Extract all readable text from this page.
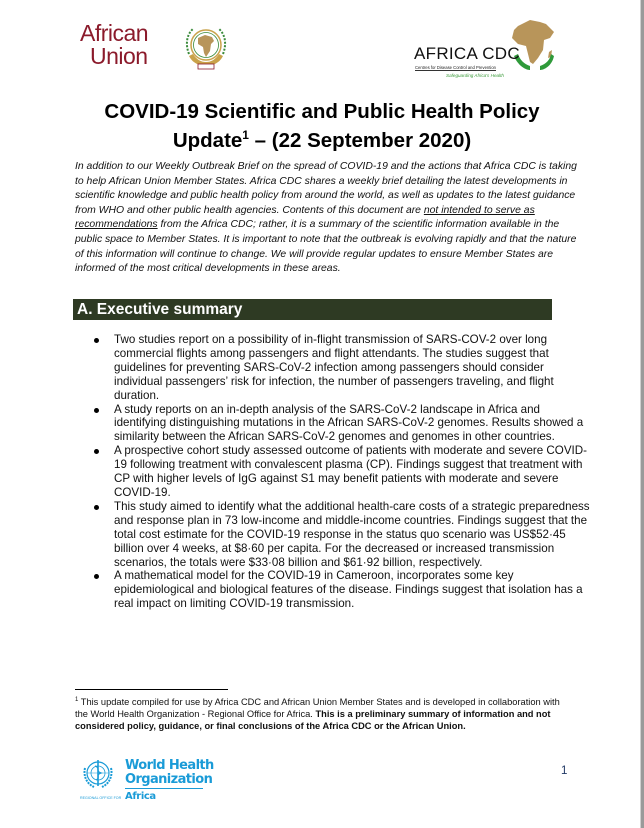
African
Union	AFRICA CDC
Centres for Disease Control and Prevention
Safeguarding Africa's Health
COVID-19 Scientific and Public Health Policy
Update$^1$ – (22 September 2020)
In addition to our Weekly Outbreak Brief on the spread of COVID-19 and the actions that Africa CDC is taking to help African Union Member States. Africa CDC shares a weekly brief detailing the latest developments in scientific knowledge and public health policy from around the world, as well as updates to the latest guidance from WHO and other public health agencies. Contents of this document are not intended to serve as recommendations from the Africa CDC; rather, it is a summary of the scientific information available in the public space to Member States. It is important to note that the outbreak is evolving rapidly and that the nature of this information will continue to change. We will provide regular updates to ensure Member States are informed of the most critical developments in these areas.
A. Executive summary
Two studies report on a possibility of in-flight transmission of SARS-COV-2 over long commercial flights among passengers and flight attendants. The studies suggest that guidelines for preventing SARS-CoV-2 infection among passengers should consider individual passengers’ risk for infection, the number of passengers traveling, and flight duration.
A study reports on an in-depth analysis of the SARS-CoV-2 landscape in Africa and identifying distinguishing mutations in the African SARS-CoV-2 genomes. Results showed a similarity between the African SARS-CoV-2 genomes and genomes in other countries.
A prospective cohort study assessed outcome of patients with moderate and severe COVID-19 following treatment with convalescent plasma (CP). Findings suggest that treatment with CP with higher levels of IgG against S1 may benefit patients with moderate and severe COVID-19.
This study aimed to identify what the additional health-care costs of a strategic preparedness and response plan in 73 low-income and middle-income countries. Findings suggest that the total cost estimate for the COVID-19 response in the status quo scenario was US$52·45 billion over 4 weeks, at $8·60 per capita. For the decreased or increased transmission scenarios, the totals were $33·08 billion and $61·92 billion, respectively.
A mathematical model for the COVID-19 in Cameroon, incorporates some key epidemiological and biological features of the disease. Findings suggest that isolation has a real impact on limiting COVID-19 transmission.
$^1$ This update compiled for use by Africa CDC and African Union Member States and is developed in collaboration with the World Health Organization - Regional Office for Africa. This is a preliminary summary of information and not considered policy, guidance, or final conclusions of the Africa CDC or the African Union.
World Health
Organization
REGIONAL OFFICE FOR Africa
1
